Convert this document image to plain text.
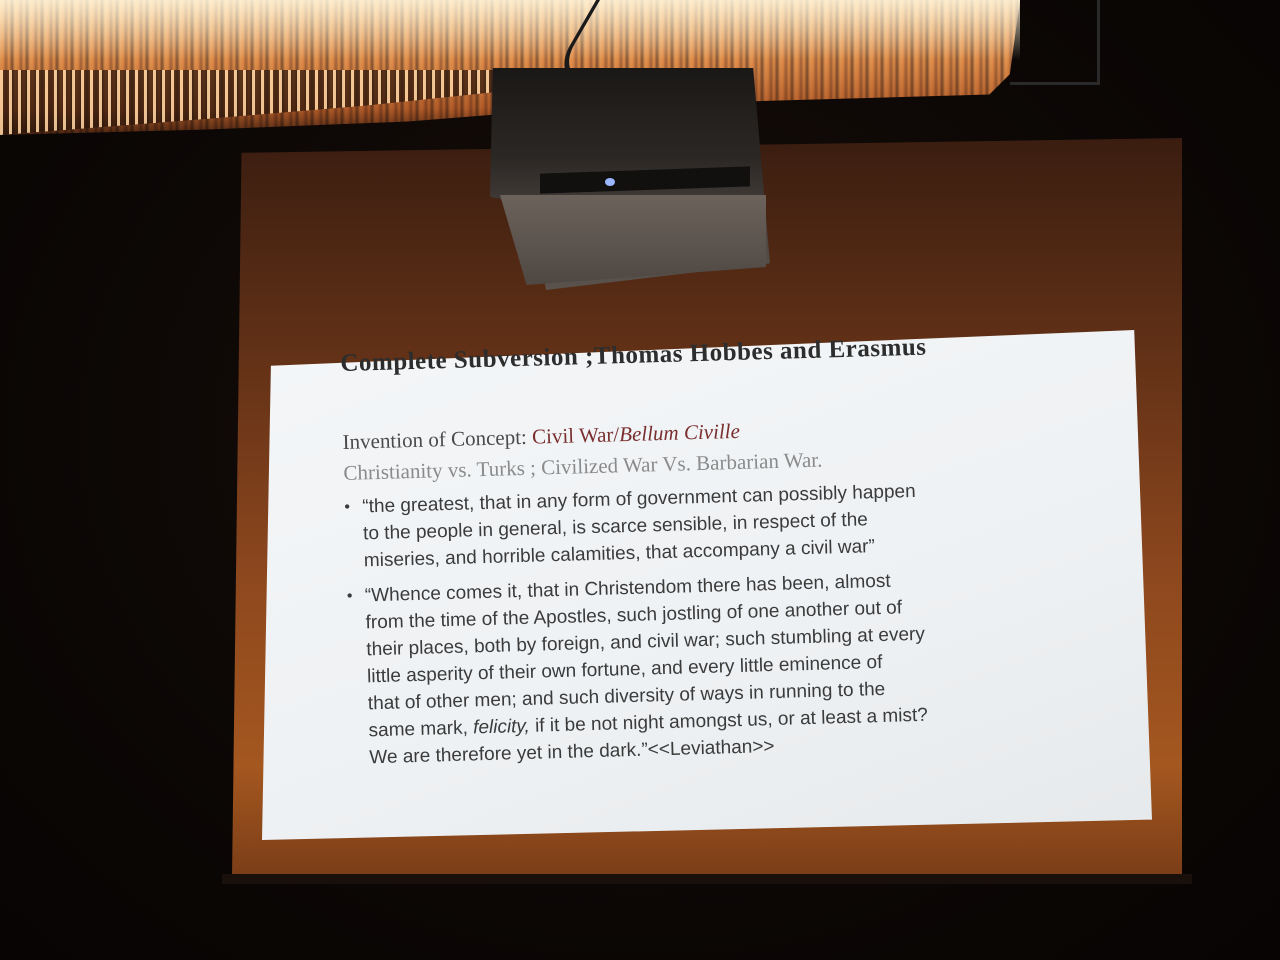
Complete Subversion ;Thomas Hobbes and Erasmus
Invention of Concept: Civil War/Bellum Civille
Christianity vs. Turks ; Civilized War Vs. Barbarian War.
• “the greatest, that in any form of government can possibly happen
to the people in general, is scarce sensible, in respect of the
miseries, and horrible calamities, that accompany a civil war”
• “Whence comes it, that in Christendom there has been, almost
from the time of the Apostles, such jostling of one another out of
their places, both by foreign, and civil war; such stumbling at every
little asperity of their own fortune, and every little eminence of
that of other men; and such diversity of ways in running to the
same mark, felicity, if it be not night amongst us, or at least a mist?
We are therefore yet in the dark.”<<Leviathan>>
